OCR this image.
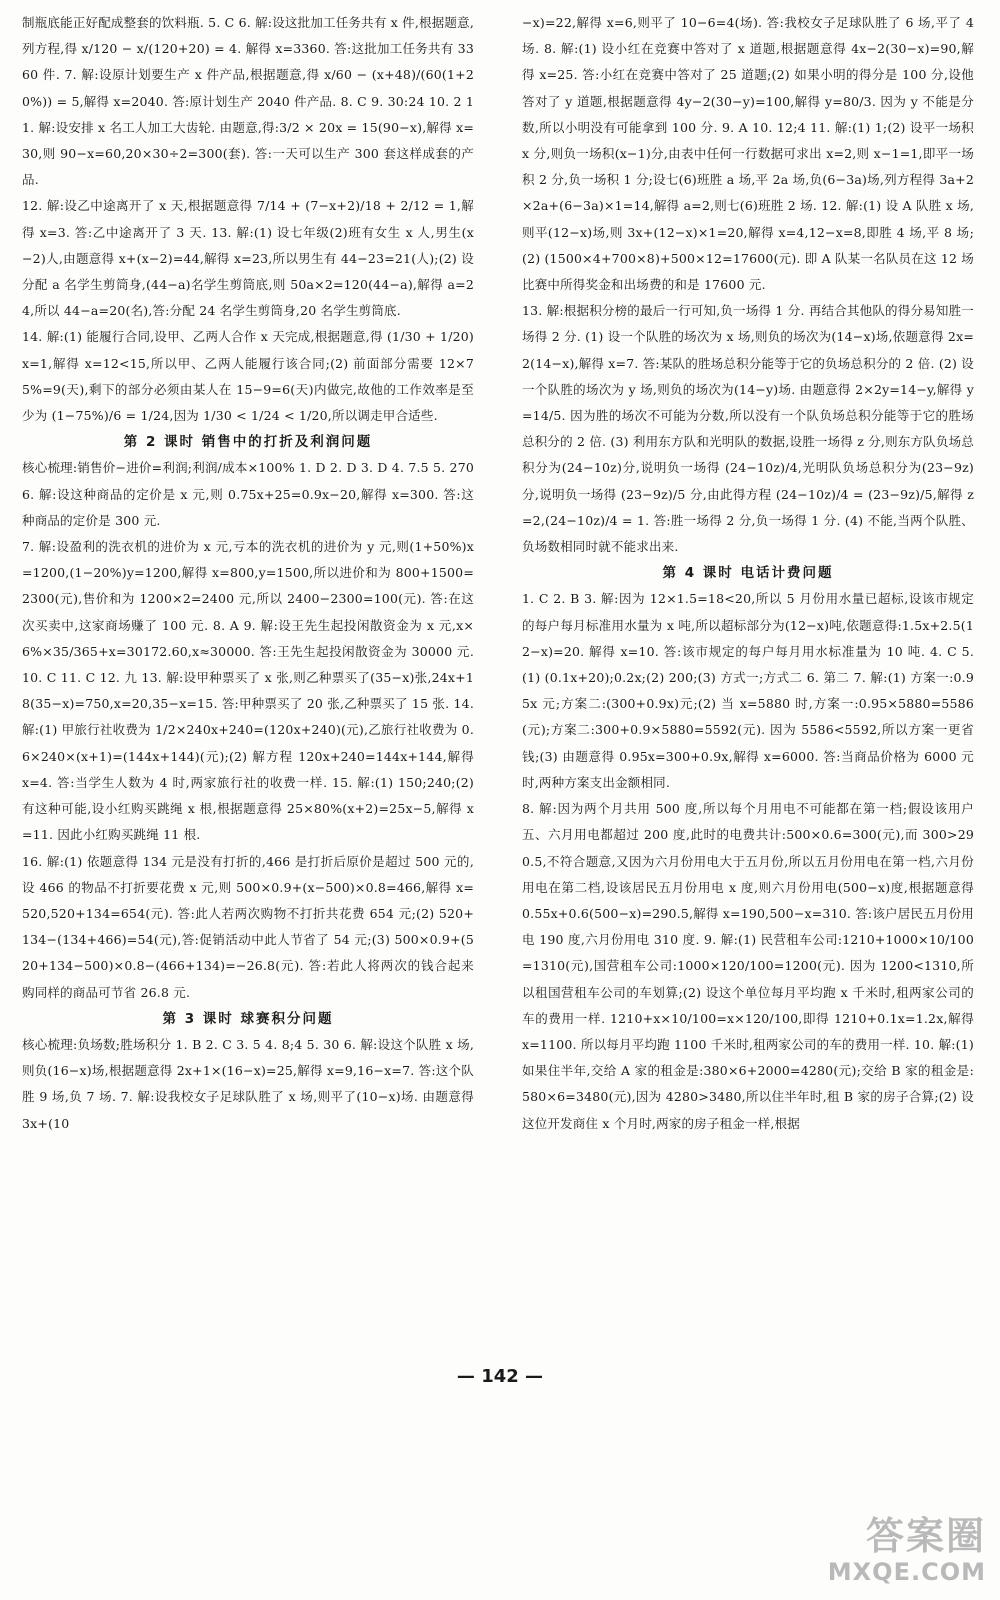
制瓶底能正好配成整套的饮料瓶. 5. C 6. 解:设这批加工任务共有 x 件,根据题意,列方程,得 x/120 − x/(120+20) = 4. 解得 x=3360. 答:这批加工任务共有 3360 件. 7. 解:设原计划要生产 x 件产品,根据题意,得 x/60 − (x+48)/(60(1+20%)) = 5,解得 x=2040. 答:原计划生产 2040 件产品. 8. C 9. 30:24 10. 2 11. 解:设安排 x 名工人加工大齿轮. 由题意,得:3/2 × 20x = 15(90−x),解得 x=30,则 90−x=60,20×30÷2=300(套). 答:一天可以生产 300 套这样成套的产品.

12. 解:设乙中途离开了 x 天,根据题意得 7/14 + (7−x+2)/18 + 2/12 = 1,解得 x=3. 答:乙中途离开了 3 天. 13. 解:(1) 设七年级(2)班有女生 x 人,男生(x−2)人,由题意得 x+(x−2)=44,解得 x=23,所以男生有 44−23=21(人);(2) 设分配 a 名学生剪筒身,(44−a)名学生剪筒底,则 50a×2=120(44−a),解得 a=24,所以 44−a=20(名),答:分配 24 名学生剪筒身,20 名学生剪筒底.

14. 解:(1) 能履行合同,设甲、乙两人合作 x 天完成,根据题意,得 (1/30 + 1/20)x=1,解得 x=12<15,所以甲、乙两人能履行该合同;(2) 前面部分需要 12×75%=9(天),剩下的部分必须由某人在 15−9=6(天)内做完,故他的工作效率是至少为 (1−75%)/6 = 1/24,因为 1/30 < 1/24 < 1/20,所以调走甲合适些.

第 2 课时 销售中的打折及利润问题

核心梳理:销售价−进价=利润;利润/成本×100% 1. D 2. D 3. D 4. 7.5 5. 270 6. 解:设这种商品的定价是 x 元,则 0.75x+25=0.9x−20,解得 x=300. 答:这种商品的定价是 300 元.

7. 解:设盈利的洗衣机的进价为 x 元,亏本的洗衣机的进价为 y 元,则(1+50%)x=1200,(1−20%)y=1200,解得 x=800,y=1500,所以进价和为 800+1500=2300(元),售价和为 1200×2=2400 元,所以 2400−2300=100(元). 答:在这次买卖中,这家商场赚了 100 元. 8. A 9. 解:设王先生起投闲散资金为 x 元,x×6%×35/365+x=30172.60,x≈30000. 答:王先生起投闲散资金为 30000 元. 10. C 11. C 12. 九 13. 解:设甲种票买了 x 张,则乙种票买了(35−x)张,24x+18(35−x)=750,x=20,35−x=15. 答:甲种票买了 20 张,乙种票买了 15 张. 14. 解:(1) 甲旅行社收费为 1/2×240x+240=(120x+240)(元),乙旅行社收费为 0.6×240×(x+1)=(144x+144)(元);(2) 解方程 120x+240=144x+144,解得 x=4. 答:当学生人数为 4 时,两家旅行社的收费一样. 15. 解:(1) 150;240;(2) 有这种可能,设小红购买跳绳 x 根,根据题意得 25×80%(x+2)=25x−5,解得 x=11. 因此小红购买跳绳 11 根.

16. 解:(1) 依题意得 134 元是没有打折的,466 是打折后原价是超过 500 元的,设 466 的物品不打折要花费 x 元,则 500×0.9+(x−500)×0.8=466,解得 x=520,520+134=654(元). 答:此人若两次购物不打折共花费 654 元;(2) 520+134−(134+466)=54(元),答:促销活动中此人节省了 54 元;(3) 500×0.9+(520+134−500)×0.8−(466+134)=−26.8(元). 答:若此人将两次的钱合起来购同样的商品可节省 26.8 元.

第 3 课时 球赛积分问题

核心梳理:负场数;胜场积分 1. B 2. C 3. 5 4. 8;4 5. 30 6. 解:设这个队胜 x 场,则负(16−x)场,根据题意得 2x+1×(16−x)=25,解得 x=9,16−x=7. 答:这个队胜 9 场,负 7 场. 7. 解:设我校女子足球队胜了 x 场,则平了(10−x)场. 由题意得 3x+(10

−x)=22,解得 x=6,则平了 10−6=4(场). 答:我校女子足球队胜了 6 场,平了 4 场. 8. 解:(1) 设小红在竞赛中答对了 x 道题,根据题意得 4x−2(30−x)=90,解得 x=25. 答:小红在竞赛中答对了 25 道题;(2) 如果小明的得分是 100 分,设他答对了 y 道题,根据题意得 4y−2(30−y)=100,解得 y=80/3. 因为 y 不能是分数,所以小明没有可能拿到 100 分. 9. A 10. 12;4 11. 解:(1) 1;(2) 设平一场积 x 分,则负一场积(x−1)分,由表中任何一行数据可求出 x=2,则 x−1=1,即平一场积 2 分,负一场积 1 分;设七(6)班胜 a 场,平 2a 场,负(6−3a)场,列方程得 3a+2×2a+(6−3a)×1=14,解得 a=2,则七(6)班胜 2 场. 12. 解:(1) 设 A 队胜 x 场,则平(12−x)场,则 3x+(12−x)×1=20,解得 x=4,12−x=8,即胜 4 场,平 8 场;(2) (1500×4+700×8)+500×12=17600(元). 即 A 队某一名队员在这 12 场比赛中所得奖金和出场费的和是 17600 元.

13. 解:根据积分榜的最后一行可知,负一场得 1 分. 再结合其他队的得分易知胜一场得 2 分. (1) 设一个队胜的场次为 x 场,则负的场次为(14−x)场,依题意得 2x=2(14−x),解得 x=7. 答:某队的胜场总积分能等于它的负场总积分的 2 倍. (2) 设一个队胜的场次为 y 场,则负的场次为(14−y)场. 由题意得 2×2y=14−y,解得 y=14/5. 因为胜的场次不可能为分数,所以没有一个队负场总积分能等于它的胜场总积分的 2 倍. (3) 利用东方队和光明队的数据,设胜一场得 z 分,则东方队负场总积分为(24−10z)分,说明负一场得 (24−10z)/4,光明队负场总积分为(23−9z)分,说明负一场得 (23−9z)/5 分,由此得方程 (24−10z)/4 = (23−9z)/5,解得 z=2,(24−10z)/4 = 1. 答:胜一场得 2 分,负一场得 1 分. (4) 不能,当两个队胜、负场数相同时就不能求出来.

第 4 课时 电话计费问题

1. C 2. B 3. 解:因为 12×1.5=18<20,所以 5 月份用水量已超标,设该市规定的每户每月标准用水量为 x 吨,所以超标部分为(12−x)吨,依题意得:1.5x+2.5(12−x)=20. 解得 x=10. 答:该市规定的每户每月用水标准量为 10 吨. 4. C 5. (1) (0.1x+20);0.2x;(2) 200;(3) 方式一;方式二 6. 第二 7. 解:(1) 方案一:0.95x 元;方案二:(300+0.9x)元;(2) 当 x=5880 时,方案一:0.95×5880=5586(元);方案二:300+0.9×5880=5592(元). 因为 5586<5592,所以方案一更省钱;(3) 由题意得 0.95x=300+0.9x,解得 x=6000. 答:当商品价格为 6000 元时,两种方案支出金额相同.

8. 解:因为两个月共用 500 度,所以每个月用电不可能都在第一档;假设该用户五、六月用电都超过 200 度,此时的电费共计:500×0.6=300(元),而 300>290.5,不符合题意,又因为六月份用电大于五月份,所以五月份用电在第一档,六月份用电在第二档,设该居民五月份用电 x 度,则六月份用电(500−x)度,根据题意得 0.55x+0.6(500−x)=290.5,解得 x=190,500−x=310. 答:该户居民五月份用电 190 度,六月份用电 310 度. 9. 解:(1) 民营租车公司:1210+1000×10/100=1310(元),国营租车公司:1000×120/100=1200(元). 因为 1200<1310,所以租国营租车公司的车划算;(2) 设这个单位每月平均跑 x 千米时,租两家公司的车的费用一样. 1210+x×10/100=x×120/100,即得 1210+0.1x=1.2x,解得 x=1100. 所以每月平均跑 1100 千米时,租两家公司的车的费用一样. 10. 解:(1) 如果住半年,交给 A 家的租金是:380×6+2000=4280(元);交给 B 家的租金是:580×6=3480(元),因为 4280>3480,所以住半年时,租 B 家的房子合算;(2) 设这位开发商住 x 个月时,两家的房子租金一样,根据

— 142 —
答案圈
MXQE.COM
